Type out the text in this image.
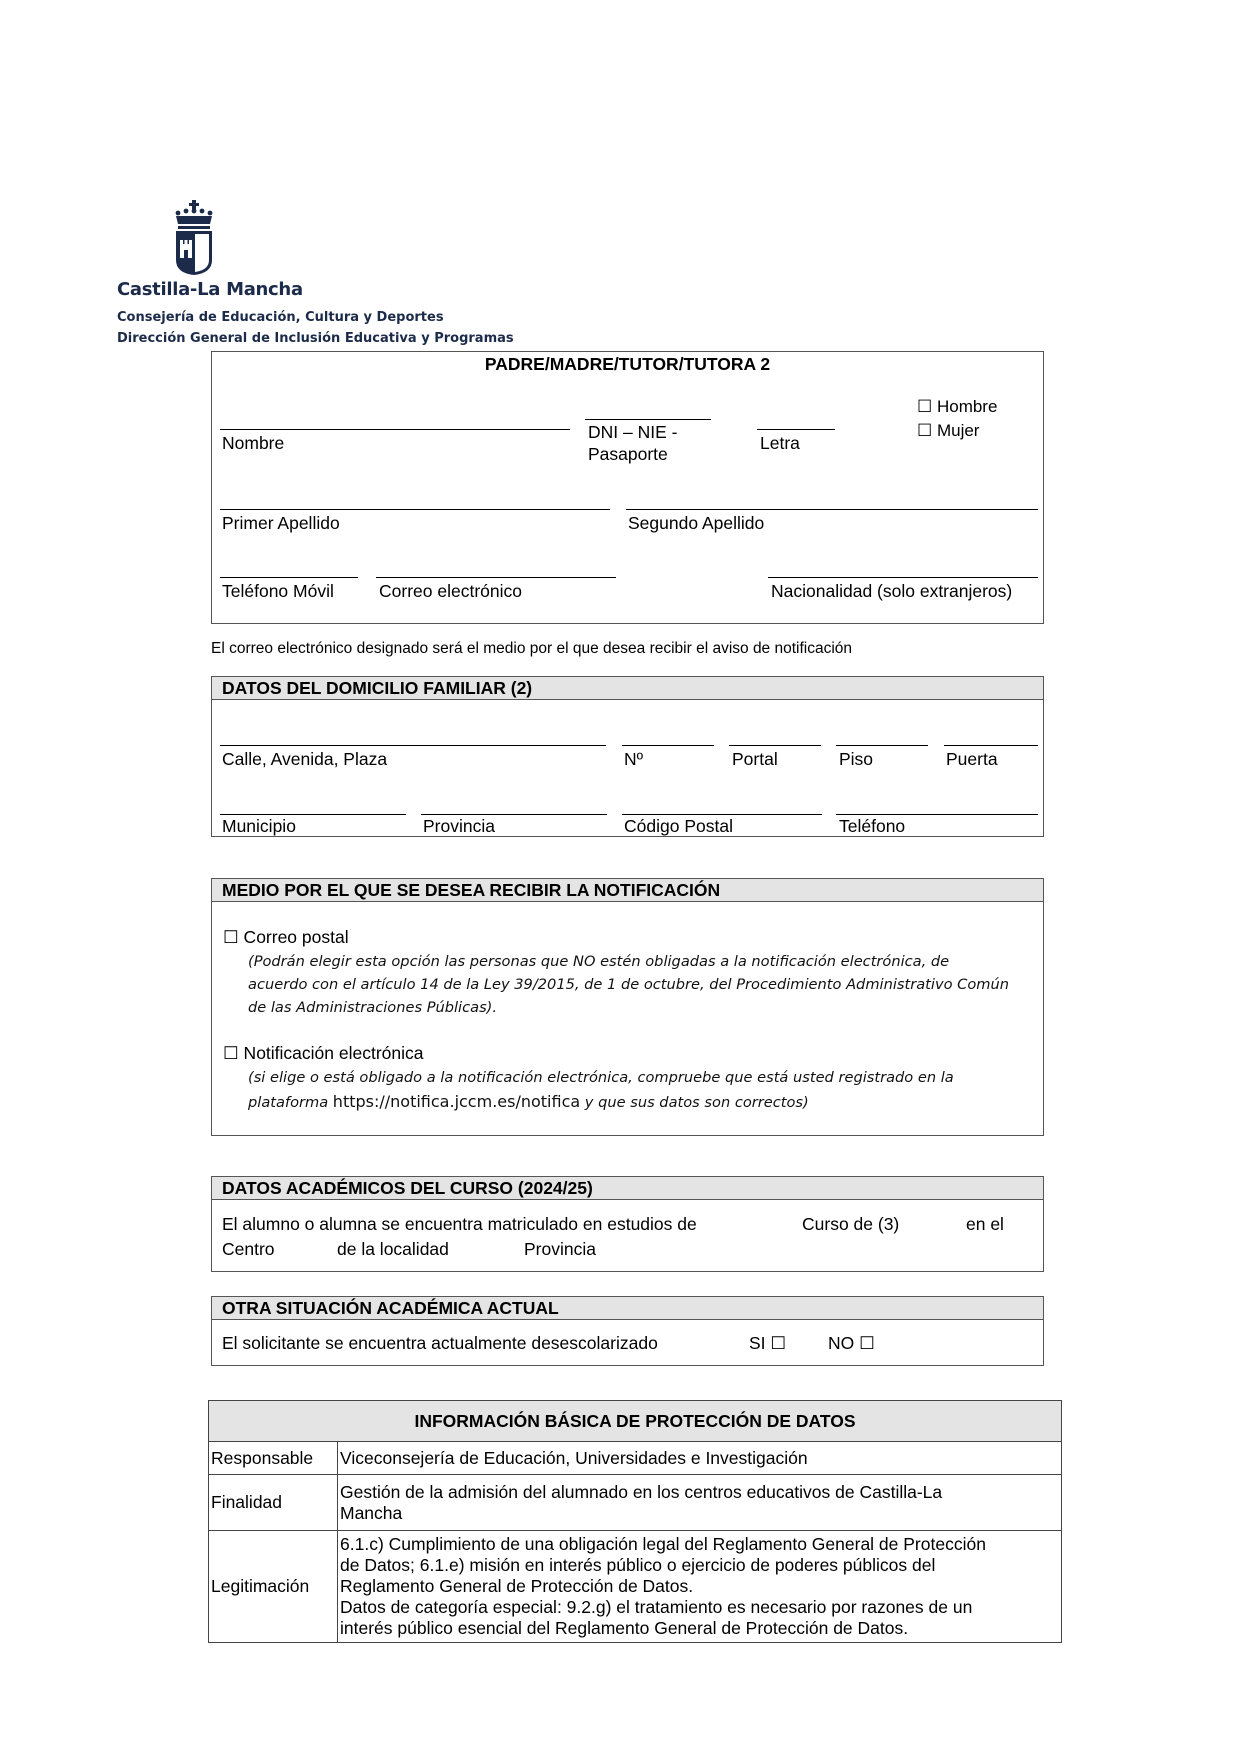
Castilla-La Mancha
Consejería de Educación, Cultura y Deportes
Dirección General de Inclusión Educativa y Programas
PADRE/MADRE/TUTOR/TUTORA 2
Nombre
DNI – NIE -
Pasaporte
Letra
☐ Hombre
☐ Mujer
Primer Apellido	Segundo Apellido
Teléfono Móvil	Correo electrónico	Nacionalidad (solo extranjeros)
El correo electrónico designado será el medio por el que desea recibir el aviso de notificación
DATOS DEL DOMICILIO FAMILIAR (2)
Calle, Avenida, Plaza	Nº	Portal	Piso	Puerta
Municipio	Provincia	Código Postal	Teléfono
MEDIO POR EL QUE SE DESEA RECIBIR LA NOTIFICACIÓN
☐ Correo postal
(Podrán elegir esta opción las personas que NO estén obligadas a la notificación electrónica, de
acuerdo con el artículo 14 de la Ley 39/2015, de 1 de octubre, del Procedimiento Administrativo Común
de las Administraciones Públicas).
☐ Notificación electrónica
(si elige o está obligado a la notificación electrónica, compruebe que está usted registrado en la
plataforma https://notifica.jccm.es/notifica y que sus datos son correctos)
DATOS ACADÉMICOS DEL CURSO (2024/25)
El alumno o alumna se encuentra matriculado en estudios de	Curso de (3)	en el
Centro	de la localidad	Provincia
OTRA SITUACIÓN ACADÉMICA ACTUAL
El solicitante se encuentra actualmente desescolarizado	SI ☐ NO ☐
INFORMACIÓN BÁSICA DE PROTECCIÓN DE DATOS	
Responsable	Viceconsejería de Educación, Universidades e Investigación

Finalidad	Gestión de la admisión del alumnado en los centros educativos de Castilla-La
Mancha

Legitimación	6.1.c) Cumplimiento de una obligación legal del Reglamento General de Protección
de Datos; 6.1.e) misión en interés público o ejercicio de poderes públicos del
Reglamento General de Protección de Datos.
Datos de categoría especial: 9.2.g) el tratamiento es necesario por razones de un
interés público esencial del Reglamento General de Protección de Datos.
